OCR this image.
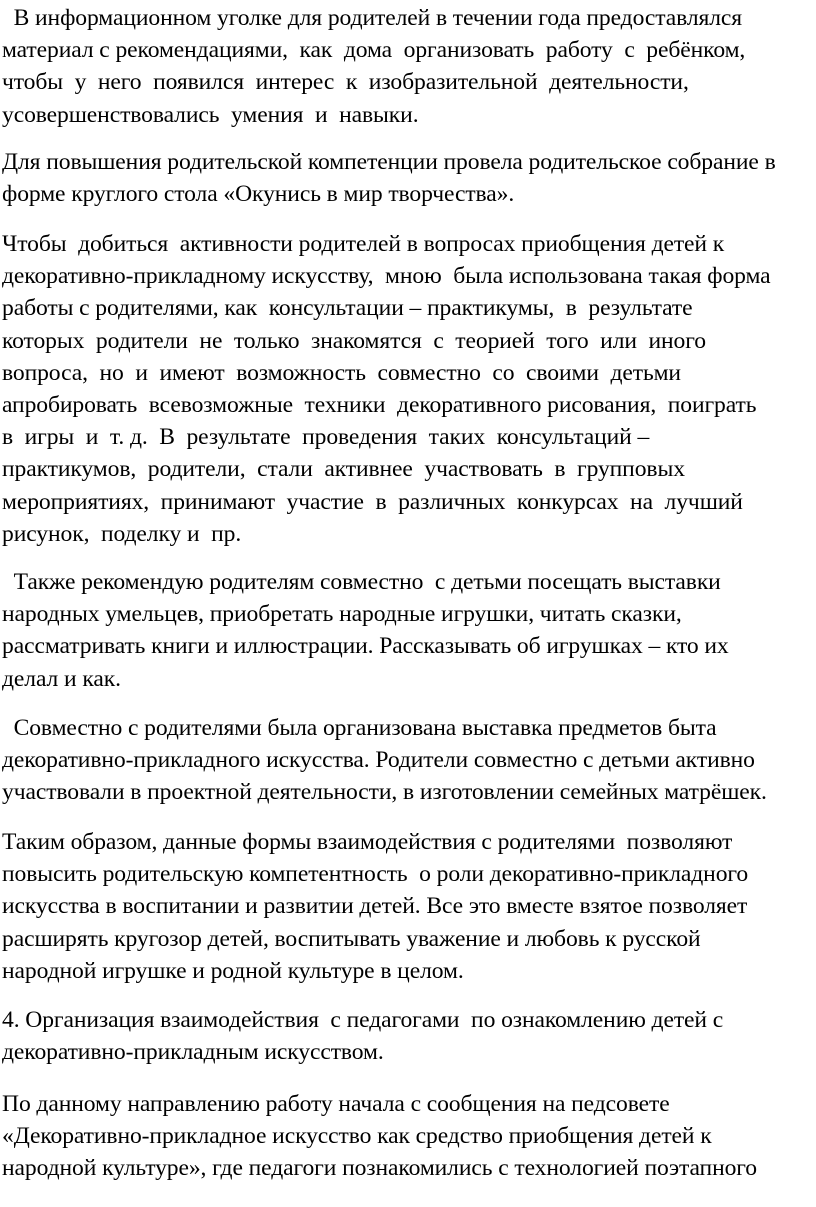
В информационном уголке для родителей в течении года предоставлялся
материал с рекомендациями,  как  дома  организовать  работу  с  ребёнком,
чтобы  у  него  появился  интерес  к  изобразительной  деятельности,
усовершенствовались  умения  и  навыки.

Для повышения родительской компетенции провела родительское собрание в
форме круглого стола «Окунись в мир творчества».

Чтобы  добиться  активности родителей в вопросах приобщения детей к
декоративно-прикладному искусству,  мною  была использована такая форма
работы с родителями, как  консультации – практикумы,  в  результате
которых  родители  не  только  знакомятся  с  теорией  того  или  иного
вопроса,  но  и  имеют  возможность  совместно  со  своими  детьми
апробировать  всевозможные  техники  декоративного рисования,  поиграть
в  игры  и  т. д.  В  результате  проведения  таких  консультаций –
практикумов,  родители,  стали  активнее  участвовать  в  групповых
мероприятиях,  принимают  участие  в  различных  конкурсах  на  лучший
рисунок,  поделку и  пр.

Также рекомендую родителям совместно  с детьми посещать выставки
народных умельцев, приобретать народные игрушки, читать сказки,
рассматривать книги и иллюстрации. Рассказывать об игрушках – кто их
делал и как.

Совместно с родителями была организована выставка предметов быта
декоративно-прикладного искусства. Родители совместно с детьми активно
участвовали в проектной деятельности, в изготовлении семейных матрёшек.

Таким образом, данные формы взаимодействия с родителями  позволяют
повысить родительскую компетентность  о роли декоративно-прикладного
искусства в воспитании и развитии детей. Все это вместе взятое позволяет
расширять кругозор детей, воспитывать уважение и любовь к русской
народной игрушке и родной культуре в целом.

4. Организация взаимодействия  с педагогами  по ознакомлению детей с
декоративно-прикладным искусством.

По данному направлению работу начала с сообщения на педсовете
«Декоративно-прикладное искусство как средство приобщения детей к
народной культуре», где педагоги познакомились с технологией поэтапного
